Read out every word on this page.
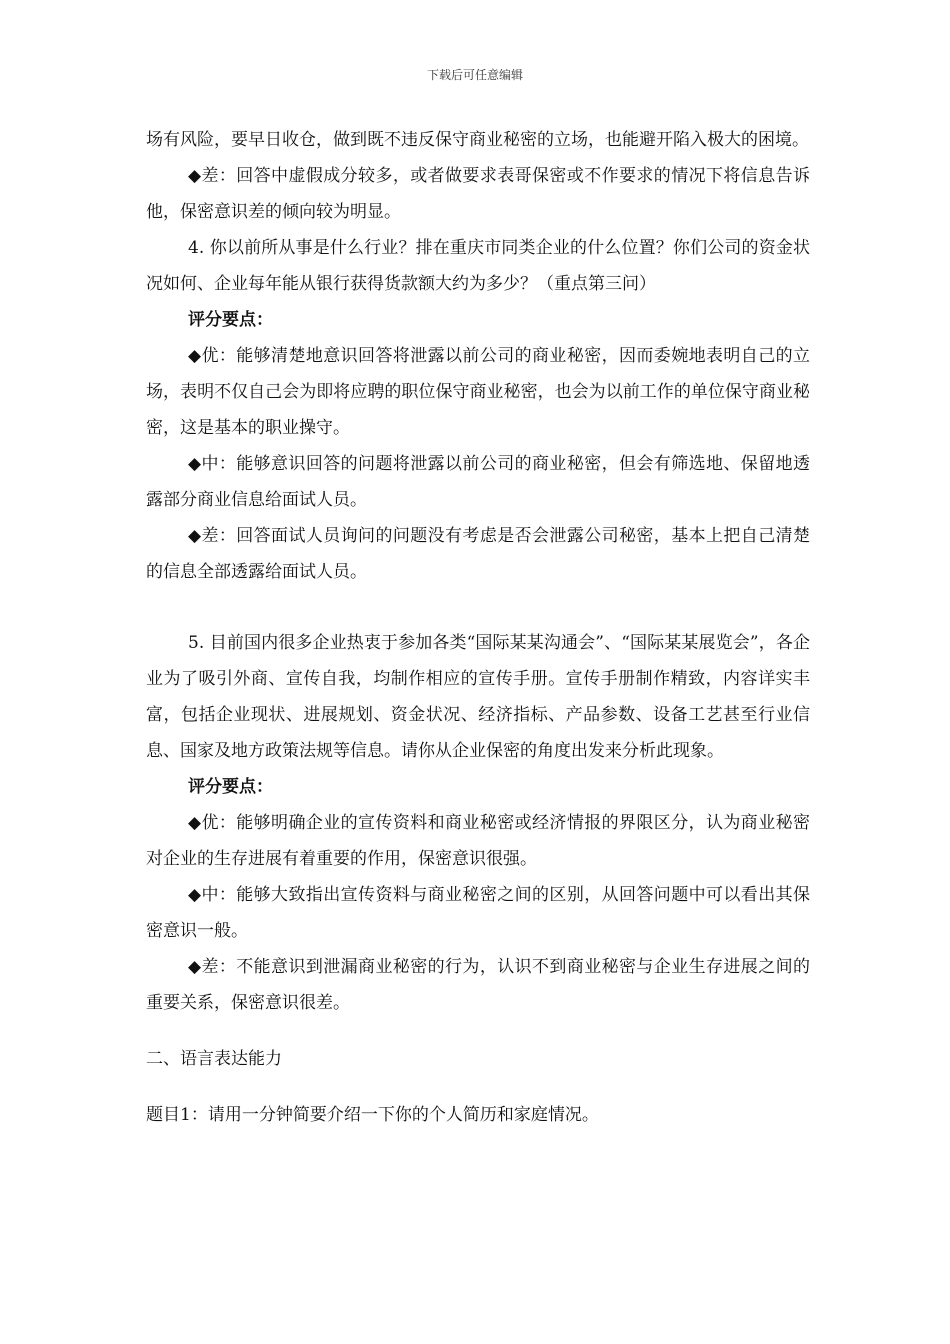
下载后可任意编辑

场有风险，要早日收仓，做到既不违反保守商业秘密的立场，也能避开陷入极大的困境。

◆差：回答中虚假成分较多，或者做要求表哥保密或不作要求的情况下将信息告诉他，保密意识差的倾向较为明显。

4. 你以前所从事是什么行业？排在重庆市同类企业的什么位置？你们公司的资金状况如何、企业每年能从银行获得货款额大约为多少？（重点第三问）

评分要点：

◆优：能够清楚地意识回答将泄露以前公司的商业秘密，因而委婉地表明自己的立场，表明不仅自己会为即将应聘的职位保守商业秘密，也会为以前工作的单位保守商业秘密，这是基本的职业操守。

◆中：能够意识回答的问题将泄露以前公司的商业秘密，但会有筛选地、保留地透露部分商业信息给面试人员。

◆差：回答面试人员询问的问题没有考虑是否会泄露公司秘密，基本上把自己清楚的信息全部透露给面试人员。

5. 目前国内很多企业热衷于参加各类“国际某某沟通会”、“国际某某展览会”，各企业为了吸引外商、宣传自我，均制作相应的宣传手册。宣传手册制作精致，内容详实丰富，包括企业现状、进展规划、资金状况、经济指标、产品参数、设备工艺甚至行业信息、国家及地方政策法规等信息。请你从企业保密的角度出发来分析此现象。

评分要点：

◆优：能够明确企业的宣传资料和商业秘密或经济情报的界限区分，认为商业秘密对企业的生存进展有着重要的作用，保密意识很强。

◆中：能够大致指出宣传资料与商业秘密之间的区别，从回答问题中可以看出其保密意识一般。

◆差：不能意识到泄漏商业秘密的行为，认识不到商业秘密与企业生存进展之间的重要关系，保密意识很差。

二、语言表达能力

题目1：请用一分钟简要介绍一下你的个人简历和家庭情况。
